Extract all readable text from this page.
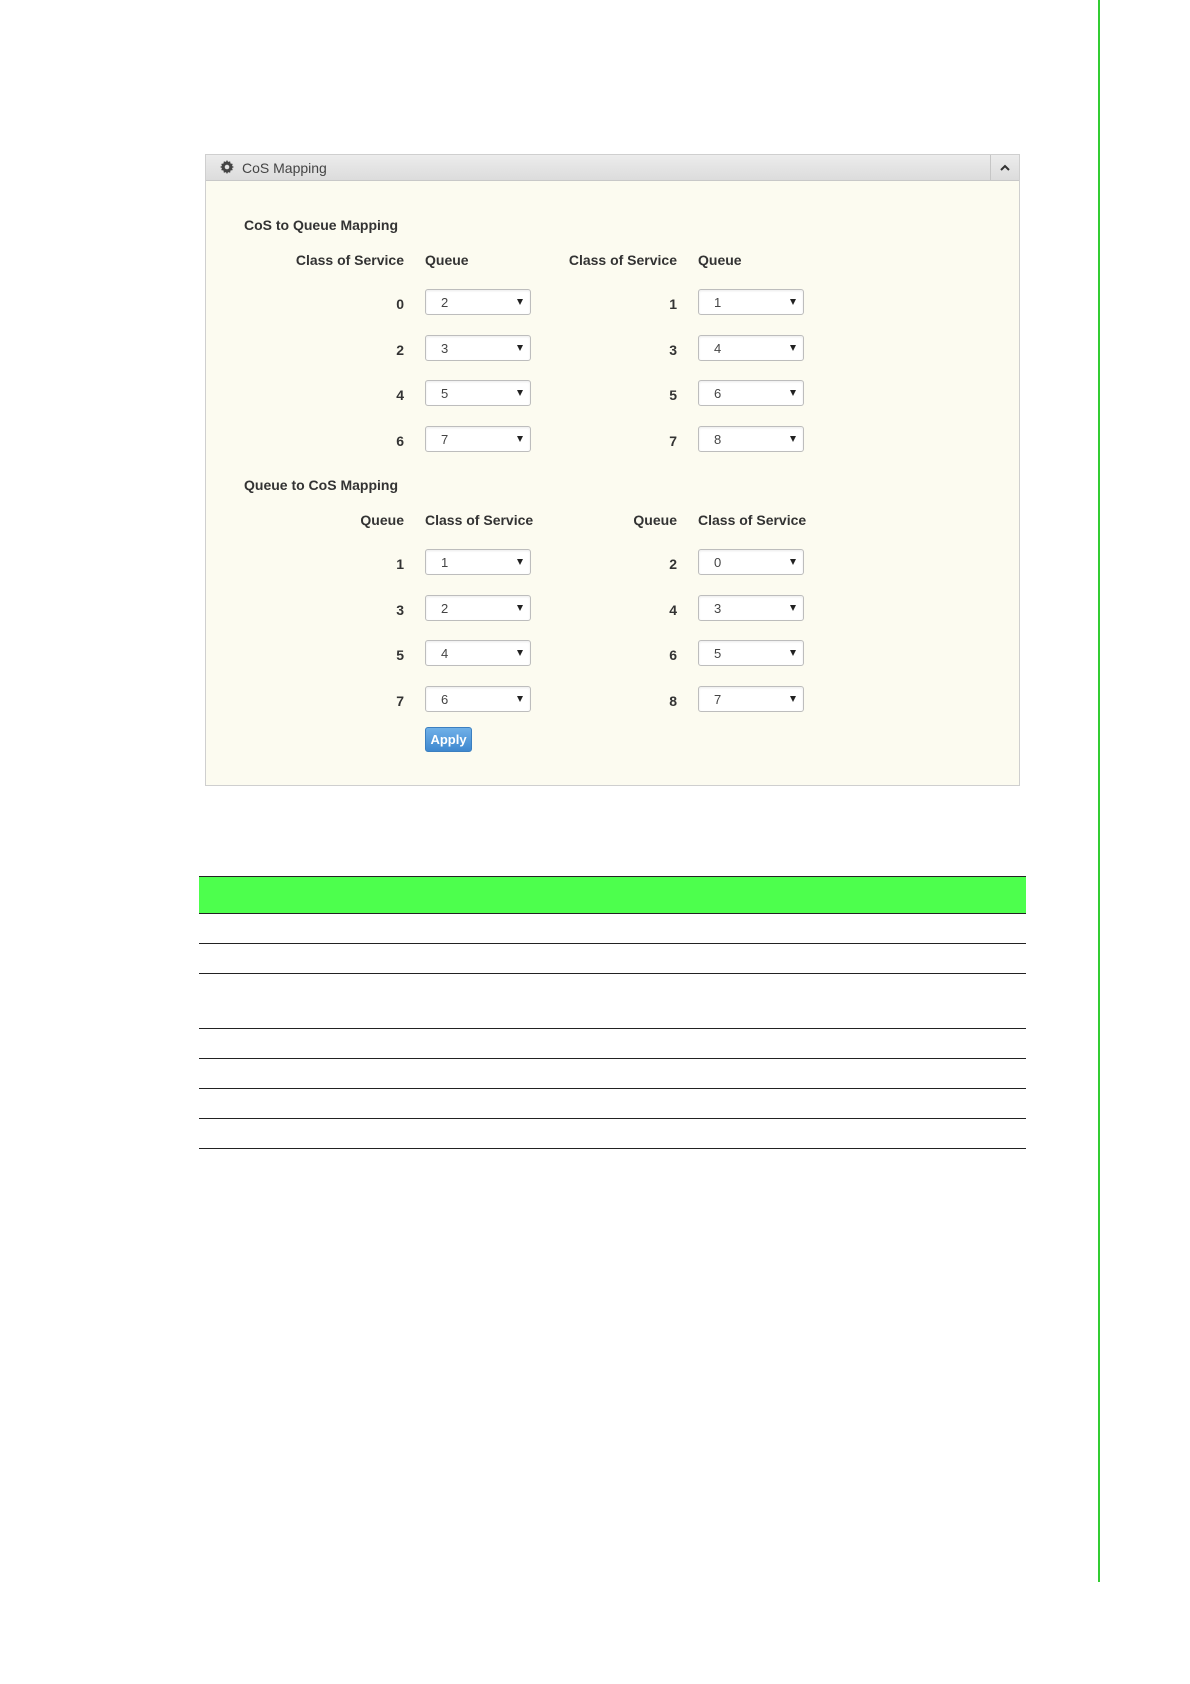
CoS Mapping
CoS to Queue Mapping
Class of Service Queue	Class of Service Queue
0	2	1	1
2	3	3	4
4	5	5	6
6	7	7	8
Queue to CoS Mapping
Queue Class of Service	Queue Class of Service
1	1	2	0
3	2	4	3
5	4	6	5
7	6	8	7
Apply
